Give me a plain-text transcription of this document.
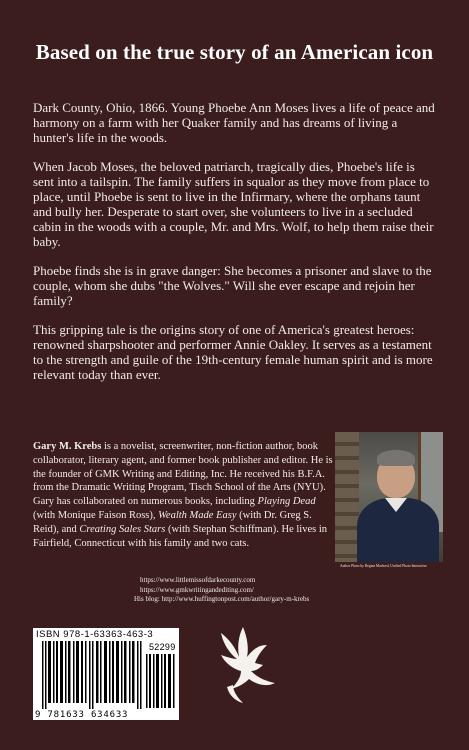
Based on the true story of an American icon

Dark County, Ohio, 1866. Young Phoebe Ann Moses lives a life of peace and harmony on a farm with her Quaker family and has dreams of living a hunter's life in the woods.

When Jacob Moses, the beloved patriarch, tragically dies, Phoebe's life is sent into a tailspin. The family suffers in squalor as they move from place to place, until Phoebe is sent to live in the Infirmary, where the orphans taunt and bully her. Desperate to start over, she volunteers to live in a secluded cabin in the woods with a couple, Mr. and Mrs. Wolf, to help them raise their baby.

Phoebe finds she is in grave danger: She becomes a prisoner and slave to the couple, whom she dubs "the Wolves." Will she ever escape and rejoin her family?

This gripping tale is the origins story of one of America's greatest heroes: renowned sharpshooter and performer Annie Oakley. It serves as a testament to the strength and guile of the 19th-century female human spirit and is more relevant today than ever.

Gary M. Krebs is a novelist, screenwriter, non-fiction author, book collaborator, literary agent, and former book publisher and editor. He is the founder of GMK Writing and Editing, Inc. He received his B.F.A. from the Dramatic Writing Program, Tisch School of the Arts (NYU).

Gary has collaborated on numerous books, including Playing Dead (with Monique Faison Ross), Wealth Made Easy (with Dr. Greg S. Reid), and Creating Sales Stars (with Stephan Schiffman). He lives in Fairfield, Connecticut with his family and two cats.

Author Photo by Regina Madwed, Unified Photo Interactive
https://www.littlemissofdarkecounty.com
https://www.gmkwritingandediting.com/
His blog: http://www.huffingtonpost.com/author/gary-m-krebs
ISBN 978-1-63363-463-3
52299
9 781633 634633
